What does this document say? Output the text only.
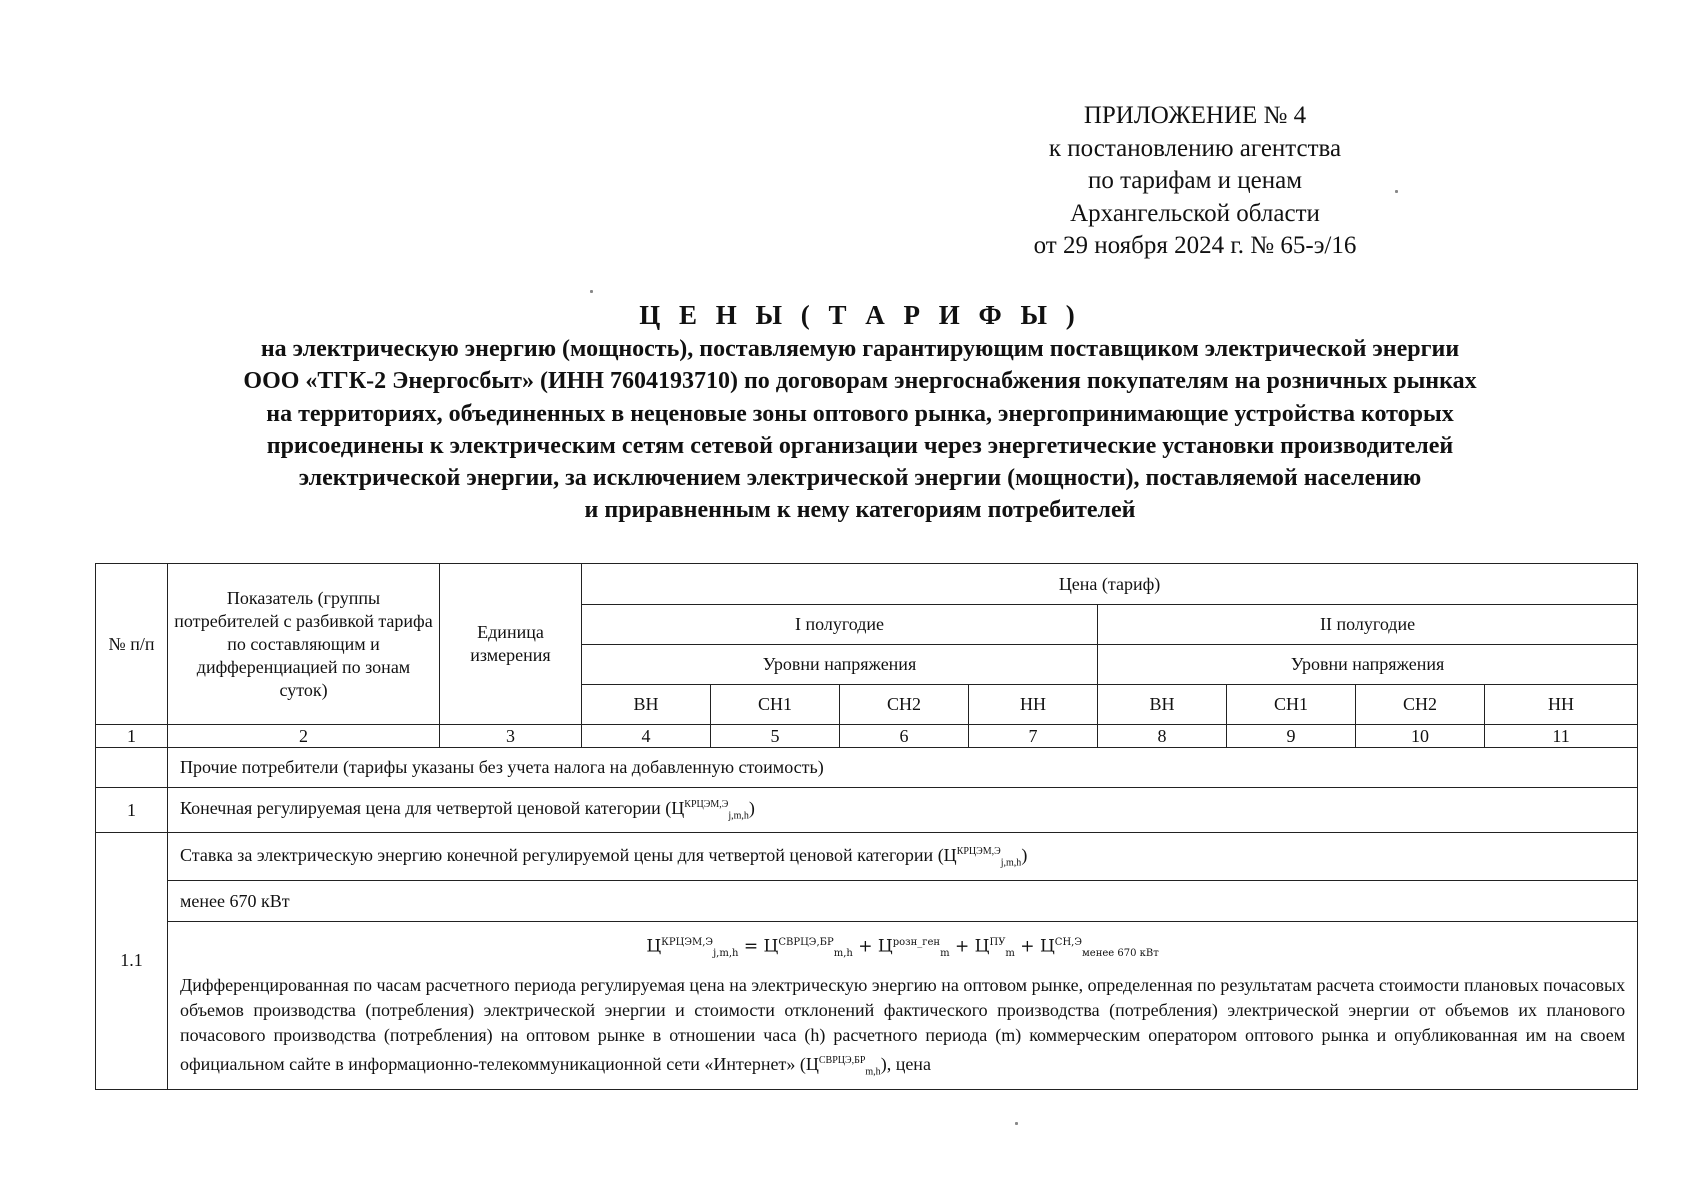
ПРИЛОЖЕНИЕ № 4
к постановлению агентства
по тарифам и ценам
Архангельской области
от 29 ноября 2024 г. № 65-э/16
Ц Е Н Ы ( Т А Р И Ф Ы )
на электрическую энергию (мощность), поставляемую гарантирующим поставщиком электрической энергии
ООО «ТГК-2 Энергосбыт» (ИНН 7604193710) по договорам энергоснабжения покупателям на розничных рынках
на территориях, объединенных в неценовые зоны оптового рынка, энергопринимающие устройства которых
присоединены к электрическим сетям сетевой организации через энергетические установки производителей
электрической энергии, за исключением электрической энергии (мощности), поставляемой населению
и приравненным к нему категориям потребителей
№ п/п	Показатель (группы потребителей с разбивкой тарифа по составляющим и дифференциацией по зонам суток)	Единица измерения	Цена (тариф)							
			I полугодие				II полугодие			
			Уровни напряжения				Уровни напряжения			
			ВН	СН1	СН2	НН	ВН	СН1	СН2	НН
1	2	3	4	5	6	7	8	9	10	11
	Прочие потребители (тарифы указаны без учета налога на добавленную стоимость)									
1	Конечная регулируемая цена для четвертой ценовой категории $(Ц^{КРЦЭМ,Э}_{j,m,h})$									
1.1	Ставка за электрическую энергию конечной регулируемой цены для четвертой ценовой категории $(Ц^{КРЦЭМ,Э}_{j,m,h})$									
	менее 670 кВт									

	$Ц^{КРЦЭМ,Э}_{j,m,h} = Ц^{СВРЦЭ,БР}_{m,h} + Ц^{розн\_ген}_m + Ц^{ПУ}_m + Ц^{СН,Э}_{менее 670 кВт}$
Дифференцированная по часам расчетного периода регулируемая цена на электрическую энергию на оптовом рынке, определенная по результатам расчета стоимости плановых почасовых объемов производства (потребления) электрической энергии и стоимости отклонений фактического производства (потребления) электрической энергии от объемов их планового почасового производства (потребления) на оптовом рынке в отношении часа (h) расчетного периода (m) коммерческим оператором оптового рынка и опубликованная им на своем официальном сайте в информационно-телекоммуникационной сети «Интернет» $(Ц^{СВРЦЭ,БР}_{m,h})$, цена									
